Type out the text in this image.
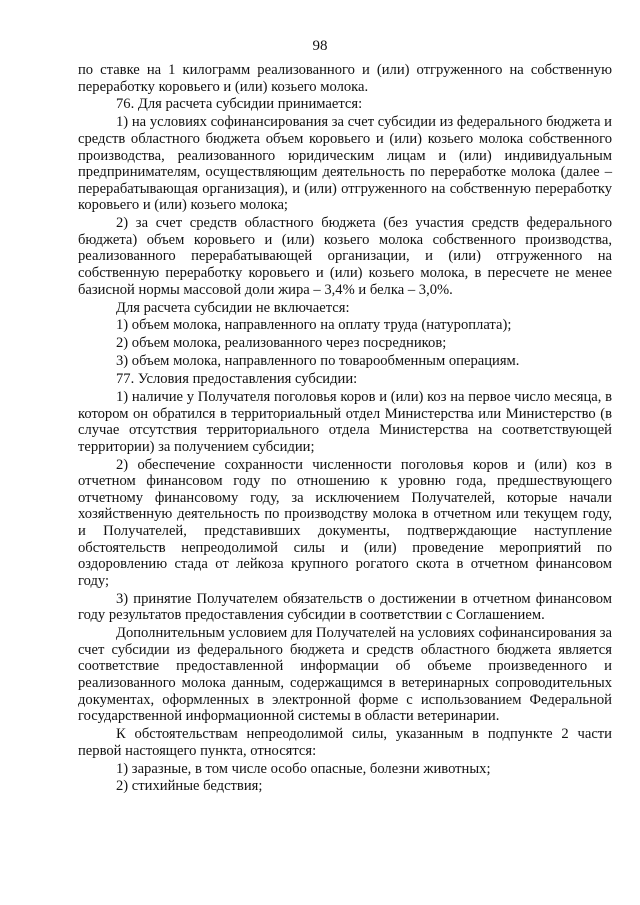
98

по ставке на 1 килограмм реализованного и (или) отгруженного на собственную переработку коровьего и (или) козьего молока.

76. Для расчета субсидии принимается:

1) на условиях софинансирования за счет субсидии из федерального бюджета и средств областного бюджета объем коровьего и (или) козьего молока собственного производства, реализованного юридическим лицам и (или) индивидуальным предпринимателям, осуществляющим деятельность по переработке молока (далее – перерабатывающая организация), и (или) отгруженного на собственную переработку коровьего и (или) козьего молока;

2) за счет средств областного бюджета (без участия средств федерального бюджета) объем коровьего и (или) козьего молока собственного производства, реализованного перерабатывающей организации, и (или) отгруженного на собственную переработку коровьего и (или) козьего молока, в пересчете не менее базисной нормы массовой доли жира – 3,4% и белка – 3,0%.

Для расчета субсидии не включается:

1) объем молока, направленного на оплату труда (натуроплата);

2) объем молока, реализованного через посредников;

3) объем молока, направленного по товарообменным операциям.

77. Условия предоставления субсидии:

1) наличие у Получателя поголовья коров и (или) коз на первое число месяца, в котором он обратился в территориальный отдел Министерства или Министерство (в случае отсутствия территориального отдела Министерства на соответствующей территории) за получением субсидии;

2) обеспечение сохранности численности поголовья коров и (или) коз в отчетном финансовом году по отношению к уровню года, предшествующего отчетному финансовому году, за исключением Получателей, которые начали хозяйственную деятельность по производству молока в отчетном или текущем году, и Получателей, представивших документы, подтверждающие наступление обстоятельств непреодолимой силы и (или) проведение мероприятий по оздоровлению стада от лейкоза крупного рогатого скота в отчетном финансовом году;

3) принятие Получателем обязательств о достижении в отчетном финансовом году результатов предоставления субсидии в соответствии с Соглашением.

Дополнительным условием для Получателей на условиях софинансирования за счет субсидии из федерального бюджета и средств областного бюджета является соответствие предоставленной информации об объеме произведенного и реализованного молока данным, содержащимся в ветеринарных сопроводительных документах, оформленных в электронной форме с использованием Федеральной государственной информационной системы в области ветеринарии.

К обстоятельствам непреодолимой силы, указанным в подпункте 2 части первой настоящего пункта, относятся:

1) заразные, в том числе особо опасные, болезни животных;

2) стихийные бедствия;
